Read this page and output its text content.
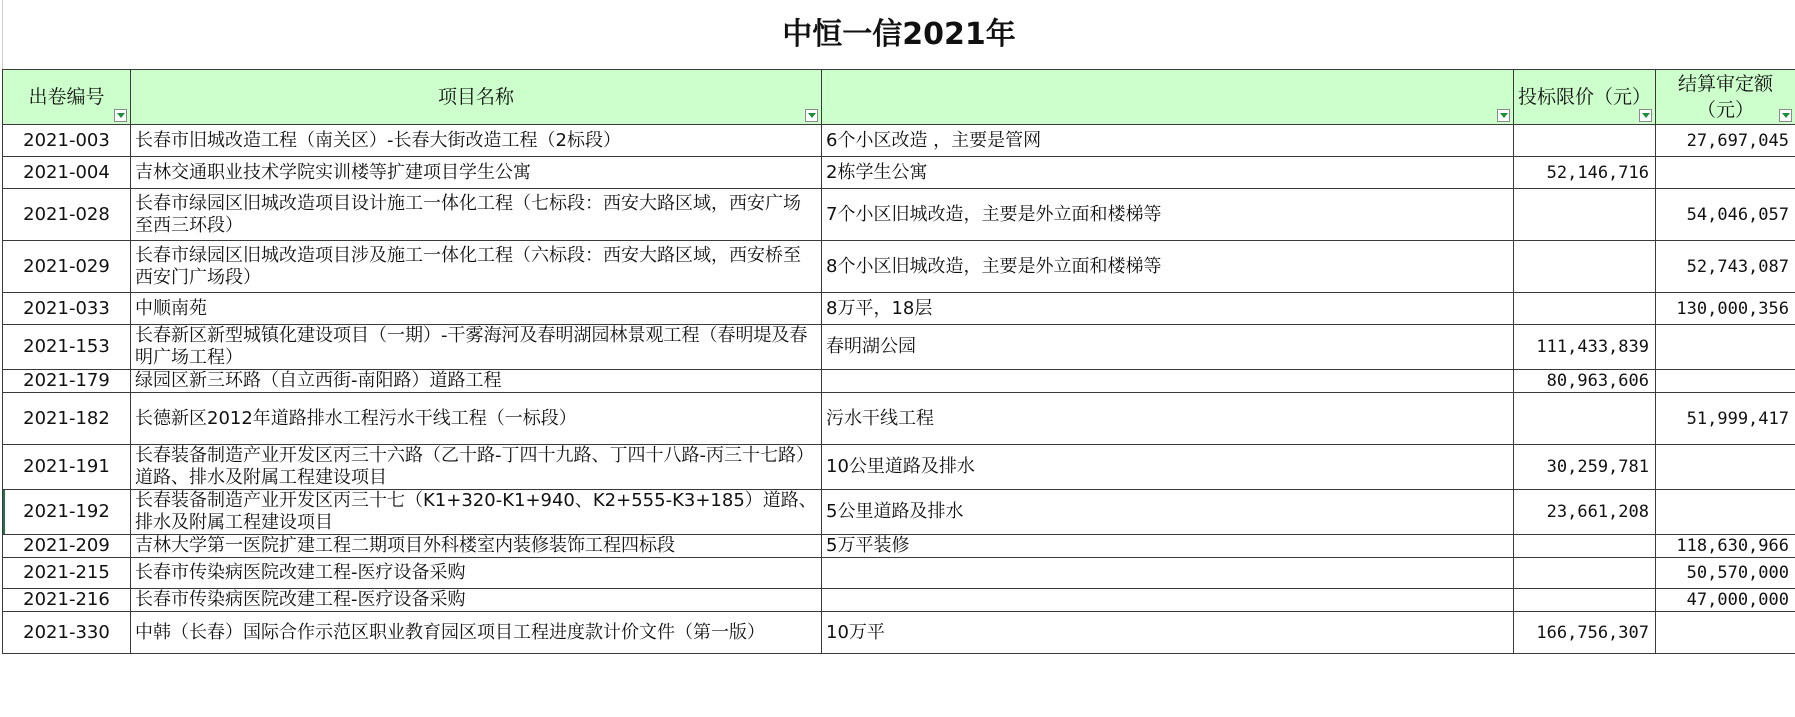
中恒一信2021年				

出卷编号	项目名称		投标限价（元）	结算审定额（元）

2021-003	长春市旧城改造工程（南关区）-长春大街改造工程（2标段）	6个小区改造 ，主要是管网		27,697,045
2021-004	吉林交通职业技术学院实训楼等扩建项目学生公寓	2栋学生公寓	52,146,716	
2021-028	长春市绿园区旧城改造项目设计施工一体化工程（七标段：西安大路区域，西安广场至西三环段）	7个小区旧城改造，主要是外立面和楼梯等		54,046,057
2021-029	长春市绿园区旧城改造项目涉及施工一体化工程（六标段：西安大路区域，西安桥至西安门广场段）	8个小区旧城改造，主要是外立面和楼梯等		52,743,087
2021-033	中顺南苑	8万平，18层		130,000,356
2021-153	长春新区新型城镇化建设项目（一期）-干雾海河及春明湖园林景观工程（春明堤及春明广场工程）	春明湖公园	111,433,839	
2021-179	绿园区新三环路（自立西街-南阳路）道路工程		80,963,606	
2021-182	长德新区2012年道路排水工程污水干线工程（一标段）	污水干线工程		51,999,417
2021-191	长春装备制造产业开发区丙三十六路（乙十路-丁四十九路、丁四十八路-丙三十七路）道路、排水及附属工程建设项目	10公里道路及排水	30,259,781	
2021-192	长春装备制造产业开发区丙三十七（K1+320-K1+940、K2+555-K3+185）道路、排水及附属工程建设项目	5公里道路及排水	23,661,208	
2021-209	吉林大学第一医院扩建工程二期项目外科楼室内装修装饰工程四标段	5万平装修		118,630,966
2021-215	长春市传染病医院改建工程-医疗设备采购			50,570,000
2021-216	长春市传染病医院改建工程-医疗设备采购			47,000,000
2021-330	中韩（长春）国际合作示范区职业教育园区项目工程进度款计价文件（第一版）	10万平	166,756,307	
